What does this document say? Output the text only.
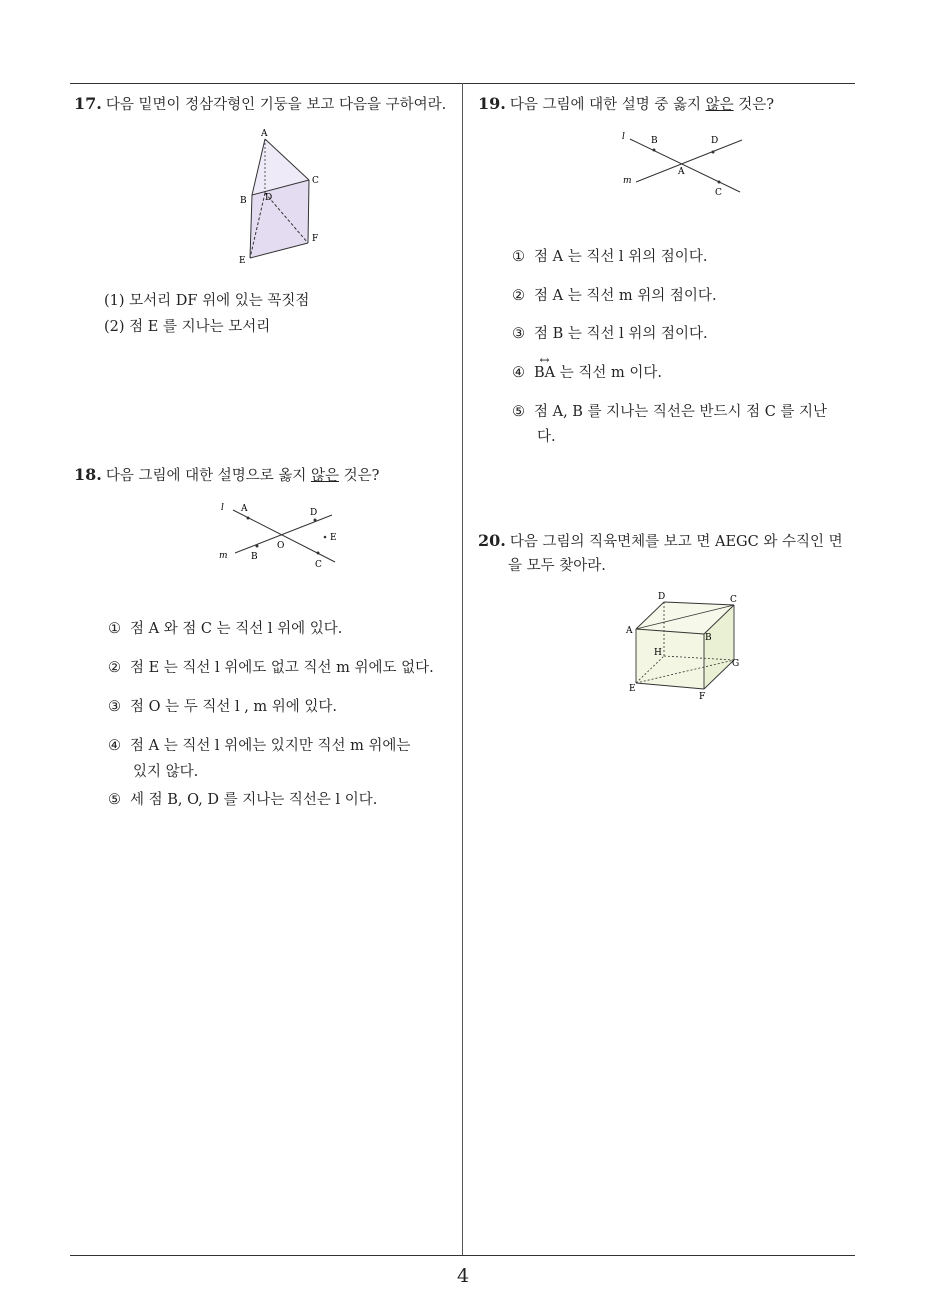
4
17. 다음 밑면이 정삼각형인 기둥을 보고 다음을 구하여라.
A
B
C
D
E
F
(1) 모서리 DF 위에 있는 꼭짓점
(2) 점 E 를 지나는 모서리
18. 다음 그림에 대한 설명으로 옳지 않은 것은?
l A	D
E
O
m	B
C
① 점 A 와 점 C 는 직선 l 위에 있다.
② 점 E 는 직선 l 위에도 없고 직선 m 위에도 없다.
③ 점 O 는 두 직선 l , m 위에 있다.
④ 점 A 는 직선 l 위에는 있지만 직선 m 위에는
있지 않다.
⑤ 세 점 B, O, D 를 지나는 직선은 l 이다.
19. 다음 그림에 대한 설명 중 옳지 않은 것은?
l	B	D
A
m
C
① 점 A 는 직선 l 위의 점이다.
② 점 A 는 직선 m 위의 점이다.
③ 점 B 는 직선 l 위의 점이다.
④↔ BA 는 직선 m 이다.
⑤ 점 A, B 를 지나는 직선은 반드시 점 C 를 지난
다.
20. 다음 그림의 직육면체를 보고 면 AEGC 와 수직인 면
을 모두 찾아라.
D	C
A
B
H
G
E
F
